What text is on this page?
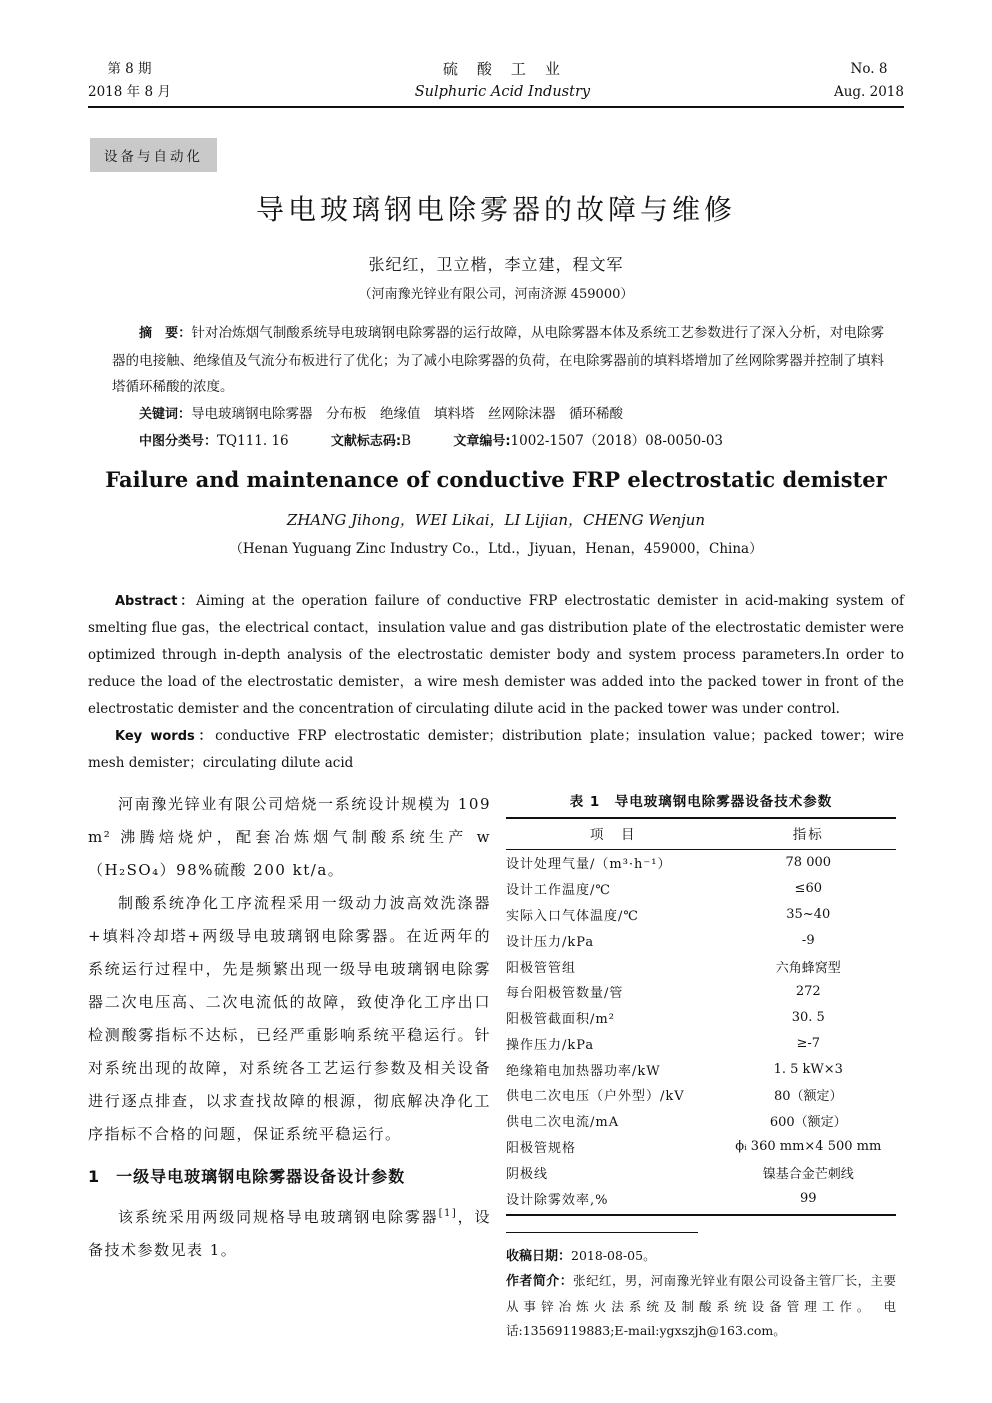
第 8 期
2018 年 8 月
硫　酸　工　业
Sulphuric Acid Industry
No. 8
Aug. 2018
设备与自动化
导电玻璃钢电除雾器的故障与维修
张纪红，卫立楷，李立建，程文军
（河南豫光锌业有限公司，河南济源 459000）

摘　要：针对冶炼烟气制酸系统导电玻璃钢电除雾器的运行故障，从电除雾器本体及系统工艺参数进行了深入分析，对电除雾器的电接触、绝缘值及气流分布板进行了优化；为了减小电除雾器的负荷，在电除雾器前的填料塔增加了丝网除雾器并控制了填料塔循环稀酸的浓度。

关键词：导电玻璃钢电除雾器　分布板　绝缘值　填料塔　丝网除沫器　循环稀酸

中图分类号：TQ111. 16	文献标志码:B	文章编号:1002-1507（2018）08-0050-03

Failure and maintenance of conductive FRP electrostatic demister

ZHANG Jihong，WEI Likai，LI Lijian，CHENG Wenjun
（Henan Yuguang Zinc Industry Co.，Ltd.，Jiyuan，Henan，459000，China）

Abstract：Aiming at the operation failure of conductive FRP electrostatic demister in acid-making system of smelting flue gas，the electrical contact，insulation value and gas distribution plate of the electrostatic demister were optimized through in-depth analysis of the electrostatic demister body and system process parameters.In order to reduce the load of the electrostatic demister，a wire mesh demister was added into the packed tower in front of the electrostatic demister and the concentration of circulating dilute acid in the packed tower was under control.

Key words：conductive FRP electrostatic demister；distribution plate；insulation value；packed tower；wire mesh demister；circulating dilute acid

河南豫光锌业有限公司焙烧一系统设计规模为 109 m² 沸腾焙烧炉，配套冶炼烟气制酸系统生产 w（H₂SO₄）98%硫酸 200 kt/a。

制酸系统净化工序流程采用一级动力波高效洗涤器+填料冷却塔+两级导电玻璃钢电除雾器。在近两年的系统运行过程中，先是频繁出现一级导电玻璃钢电除雾器二次电压高、二次电流低的故障，致使净化工序出口检测酸雾指标不达标，已经严重影响系统平稳运行。针对系统出现的故障，对系统各工艺运行参数及相关设备进行逐点排查，以求查找故障的根源，彻底解决净化工序指标不合格的问题，保证系统平稳运行。

1 一级导电玻璃钢电除雾器设备设计参数

该系统采用两级同规格导电玻璃钢电除雾器[1]，设备技术参数见表 1。

表 1　导电玻璃钢电除雾器设备技术参数

项　目	指标
设计处理气量/（m³·h⁻¹）	78 000
设计工作温度/℃	≤60
实际入口气体温度/℃	35~40
设计压力/kPa	-9
阳极管管组	六角蜂窝型
每台阳极管数量/管	272
阳极管截面积/m²	30. 5
操作压力/kPa	≥-7
绝缘箱电加热器功率/kW	1. 5 kW×3
供电二次电压（户外型）/kV	80（额定）
供电二次电流/mA	600（额定）
阳极管规格	ϕᵢ 360 mm×4 500 mm
阴极线	镍基合金芒刺线
设计除雾效率,%	99

收稿日期：2018-08-05。

作者简介：张纪红，男，河南豫光锌业有限公司设备主管厂长，主要从事锌冶炼火法系统及制酸系统设备管理工作。 电话:13569119883;E-mail:ygxszjh@163.com。
